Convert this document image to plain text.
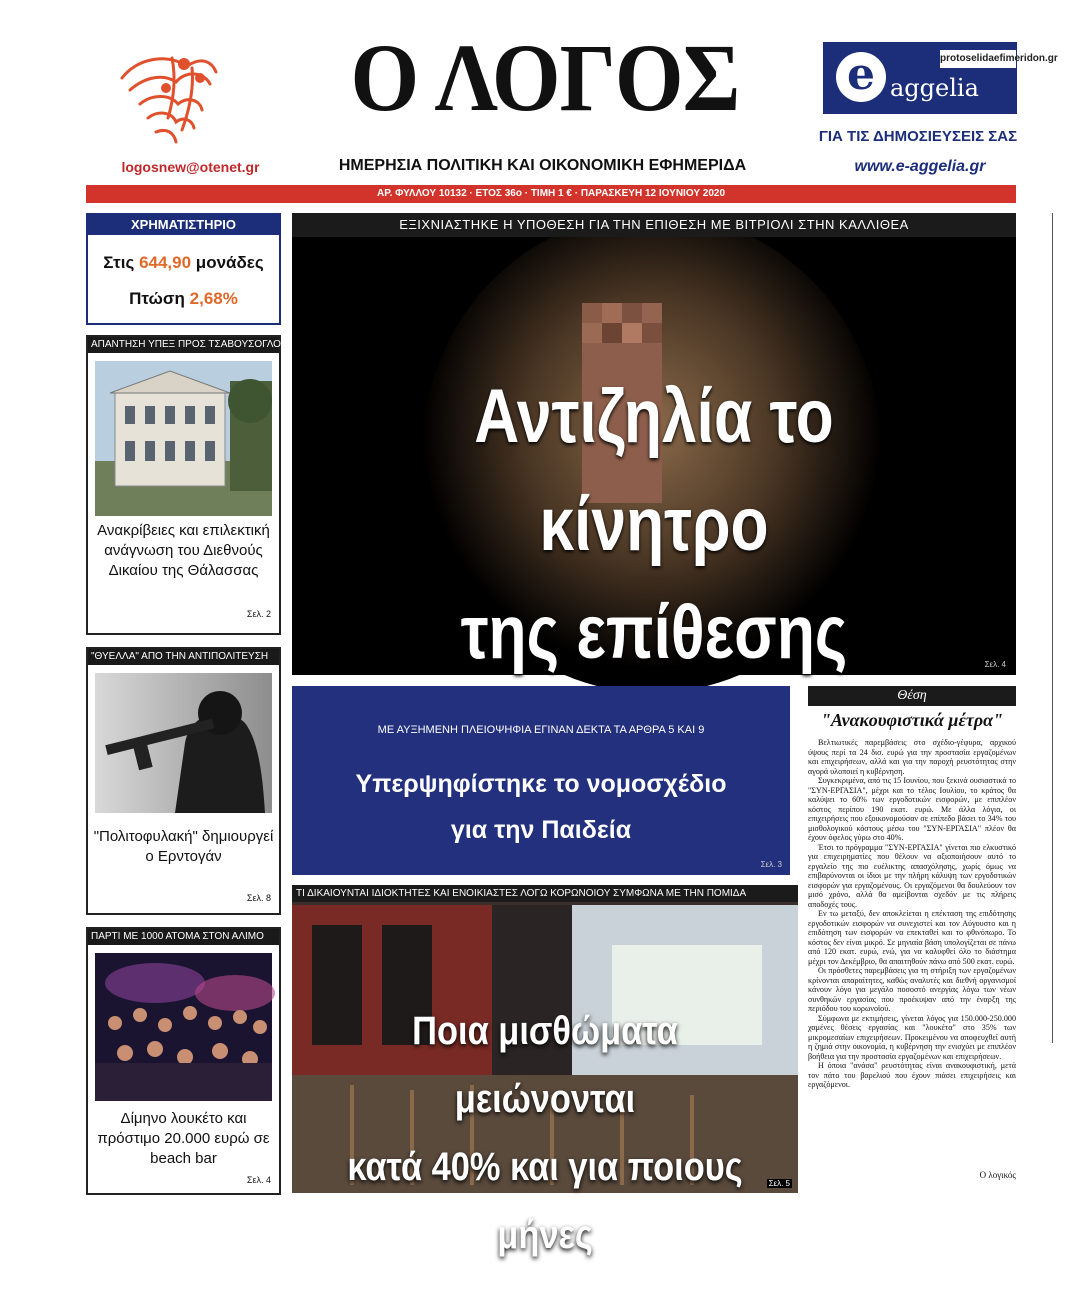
logosnew@otenet.gr
Ο ΛΟΓΟΣ
ΗΜΕΡΗΣΙΑ ΠΟΛΙΤΙΚΗ ΚΑΙ ΟΙΚΟΝΟΜΙΚΗ ΕΦΗΜΕΡΙΔΑ
protoselidaefimeridon.gr
e aggelia
ΓΙΑ ΤΙΣ ΔΗΜΟΣΙΕΥΣΕΙΣ ΣΑΣ
www.e-aggelia.gr
ΑΡ. ΦΥΛΛΟΥ 10132 · ΕΤΟΣ 36ο · ΤΙΜΗ 1 € · ΠΑΡΑΣΚΕΥΗ 12 ΙΟΥΝΙΟΥ 2020
ΧΡΗΜΑΤΙΣΤΗΡΙΟ
Στις 644,90 μονάδες
Πτώση 2,68%
ΑΠΑΝΤΗΣΗ ΥΠΕΞ ΠΡΟΣ ΤΣΑΒΟΥΣΟΓΛΟΥ
Ανακρίβειες και επιλεκτική ανάγνωση του Διεθνούς Δικαίου της Θάλασσας
Σελ. 2
"ΘΥΕΛΛΑ" ΑΠΟ ΤΗΝ ΑΝΤΙΠΟΛΙΤΕΥΣΗ
"Πολιτοφυλακή" δημιουργεί ο Ερντογάν
Σελ. 8
ΠΑΡΤΙ ΜΕ 1000 ΑΤΟΜΑ ΣΤΟΝ ΑΛΙΜΟ
Δίμηνο λουκέτο και πρόστιμο 20.000 ευρώ σε beach bar
Σελ. 4
ΕΞΙΧΝΙΑΣΤΗΚΕ Η ΥΠΟΘΕΣΗ ΓΙΑ ΤΗΝ ΕΠΙΘΕΣΗ ΜΕ ΒΙΤΡΙΟΛΙ ΣΤΗΝ ΚΑΛΛΙΘΕΑ
Αντιζηλία το κίνητρο
της επίθεσης	Σελ. 4
ΜΕ ΑΥΞΗΜΕΝΗ ΠΛΕΙΟΨΗΦΙΑ ΕΓΙΝΑΝ ΔΕΚΤΑ ΤΑ ΑΡΘΡΑ 5 ΚΑΙ 9
Υπερψηφίστηκε το νομοσχέδιο
για την Παιδεία
Σελ. 3
ΤΙ ΔΙΚΑΙΟΥΝΤΑΙ ΙΔΙΟΚΤΗΤΕΣ ΚΑΙ ΕΝΟΙΚΙΑΣΤΕΣ ΛΟΓΩ ΚΟΡΩΝΟΙΟΥ ΣΥΜΦΩΝΑ ΜΕ ΤΗΝ ΠΟΜΙΔΑ
Ποια μισθώματα μειώνονται
κατά 40% και για ποιους μήνες
Σελ. 5
Θέση
"Ανακουφιστικά μέτρα"

Βελτιωτικές παρεμβάσεις στο σχέδιο-γέφυρα, αρχικού ύψους περί τα 24 δισ. ευρώ για την προστασία εργαζομένων και επιχειρήσεων, αλλά και για την παροχή ρευστότητας στην αγορά υλοποιεί η κυβέρνηση.

Συγκεκριμένα, από τις 15 Ιουνίου, που ξεκινά ουσιαστικά το "ΣΥΝ-ΕΡΓΑΣΙΑ", μέχρι και το τέλος Ιουλίου, το κράτος θα καλύψει το 60% των εργοδοτικών εισφορών, με επιπλέον κόστος περίπου 190 εκατ. ευρώ. Με άλλα λόγια, οι επιχειρήσεις που εξοικονομούσαν σε επίπεδο βάσει το 34% του μισθολογικού κόστους μέσω του "ΣΥΝ-ΕΡΓΑΣΙΑ" πλέον θα έχουν όφελος γύρω στο 40%.

Έτσι το πρόγραμμα "ΣΥΝ-ΕΡΓΑΣΙΑ" γίνεται πιο ελκυστικό για επιχειρηματίες που θέλουν να αξιοποιήσουν αυτό το εργαλείο της πιο ευέλικτης απασχόλησης, χωρίς όμως να επιβαρύνονται οι ίδιοι με την πλήρη κάλυψη των εργοδοτικών εισφορών για εργαζομένους. Οι εργαζόμενοι θα δουλεύουν τον μισό χρόνο, αλλά θα αμείβονται σχεδόν με τις πλήρεις αποδοχές τους.

Εν τω μεταξύ, δεν αποκλείεται η επέκταση της επιδότησης εργοδοτικών εισφορών να συνεχιστεί και τον Αύγουστο και η επιδότηση των εισφορών να επεκταθεί και το φθινόπωρο. Το κόστος δεν είναι μικρό. Σε μηνιαία βάση υπολογίζεται σε πάνω από 120 εκατ. ευρώ, ενώ, για να καλυφθεί όλο το διάστημα μέχρι τον Δεκέμβριο, θα απαιτηθούν πάνω από 500 εκατ. ευρώ.

Οι πρόσθετες παρεμβάσεις για τη στήριξη των εργαζομένων κρίνονται απαραίτητες, καθώς αναλυτές και διεθνή οργανισμοί κάνουν λόγο για μεγάλο ποσοστό ανεργίας λόγω των νέων συνθηκών εργασίας που προέκυψαν από την έναρξη της περιόδου του κορωνοϊού.

Σύμφωνα με εκτιμήσεις, γίνεται λόγος για 150.000-250.000 χαμένες θέσεις εργασίας και "λουκέτα" στο 35% των μικρομεσαίων επιχειρήσεων. Προκειμένου να αποφευχθεί αυτή η ζημιά στην οικονομία, η κυβέρνηση την ενισχύει με επιπλέον βοήθεια για την προστασία εργαζομένων και επιχειρήσεων.

Η όποια "ανάσα" ρευστότητας είναι ανακουφιστική, μετά τον πάτο του βαρελιού που έχουν πιάσει επιχειρήσεις και εργαζόμενοι.

Ο λογικός
